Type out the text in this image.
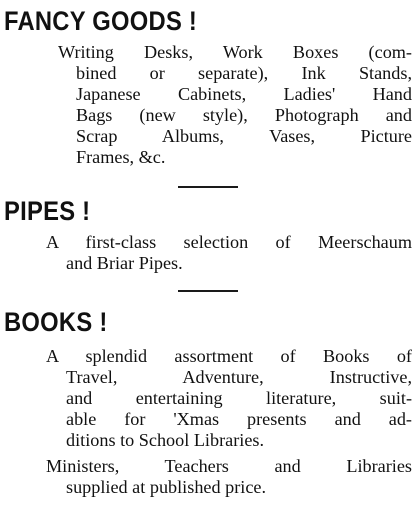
FANCY GOODS !

Writing Desks, Work Boxes (com-
bined or separate), Ink Stands,
Japanese Cabinets, Ladies' Hand
Bags (new style), Photograph and
Scrap Albums, Vases, Picture
Frames, &c.

PIPES !

A first-class selection of Meerschaum
and Briar Pipes.

BOOKS !

A splendid assortment of Books of
Travel, Adventure, Instructive,
and entertaining literature, suit-
able for 'Xmas presents and ad-
ditions to School Libraries.

Ministers, Teachers and Libraries
supplied at published price.
